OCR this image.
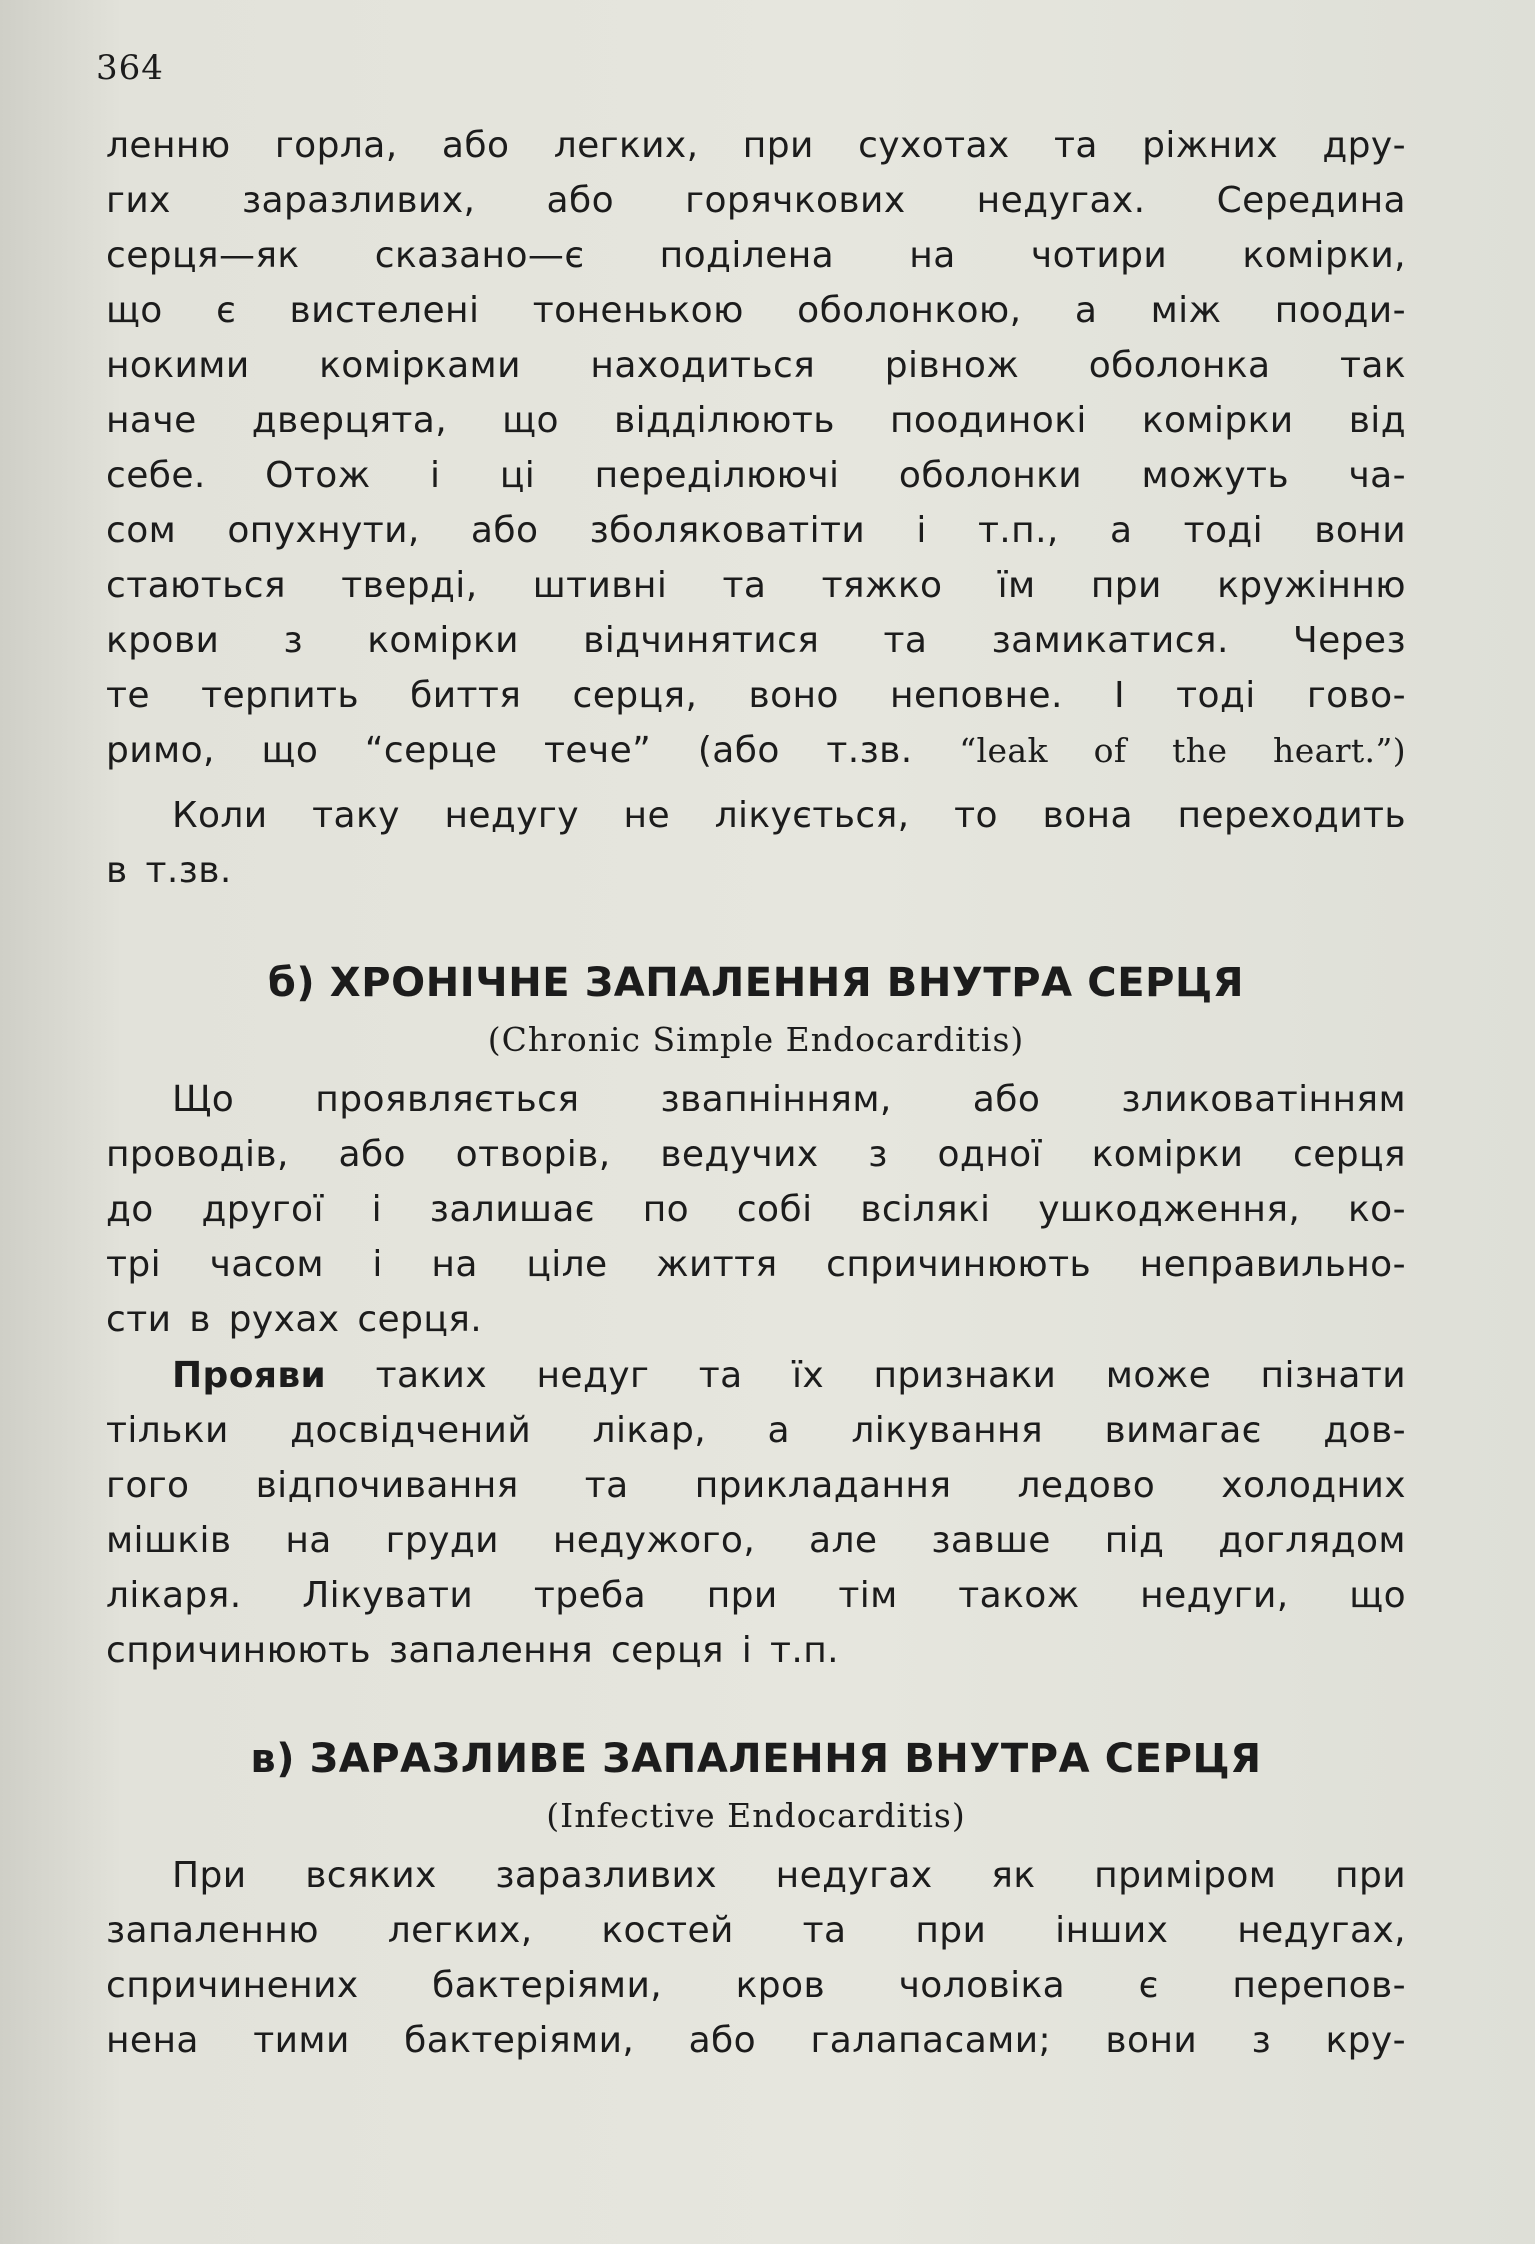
364
ленню горла, або легких, при сухотах та ріжних дру-
гих заразливих, або горячкових недугах. Середина
серця—як сказано—є поділена на чотири комірки,
що є вистелені тоненькою оболонкою, а між пооди-
нокими комірками находиться рівнож оболонка так
наче дверцята, що відділюють поодинокі комірки від
себе. Отож і ці переділюючі оболонки можуть ча-
сом опухнути, або зболяковатіти і т.п., а тоді вони
стаються тверді, штивні та тяжко їм при кружінню
крови з комірки відчинятися та замикатися. Через
те терпить биття серця, воно неповне. І тоді гово-
римо, що “серце тече” (або т.зв. “leak of the heart.”)
Коли таку недугу не лікується, то вона переходить
в т.зв.
б) ХРОНІЧНЕ ЗАПАЛЕННЯ ВНУТРА СЕРЦЯ
(Chronic Simple Endocarditis)
Що проявляється звапнінням, або зликоватінням
проводів, або отворів, ведучих з одної комірки серця
до другої і залишає по собі всілякі ушкодження, ко-
трі часом і на ціле життя спричинюють неправильно-
сти в рухах серця.
Прояви таких недуг та їх признаки може пізнати
тільки досвідчений лікар, а лікування вимагає дов-
гого відпочивання та прикладання ледово холодних
мішків на груди недужого, але завше під доглядом
лікаря. Лікувати треба при тім також недуги, що
спричинюють запалення серця і т.п.
в) ЗАРАЗЛИВЕ ЗАПАЛЕННЯ ВНУТРА СЕРЦЯ
(Infective Endocarditis)
При всяких заразливих недугах як приміром при
запаленню легких, костей та при інших недугах,
спричинених бактеріями, кров чоловіка є перепов-
нена тими бактеріями, або галапасами; вони з кру-
